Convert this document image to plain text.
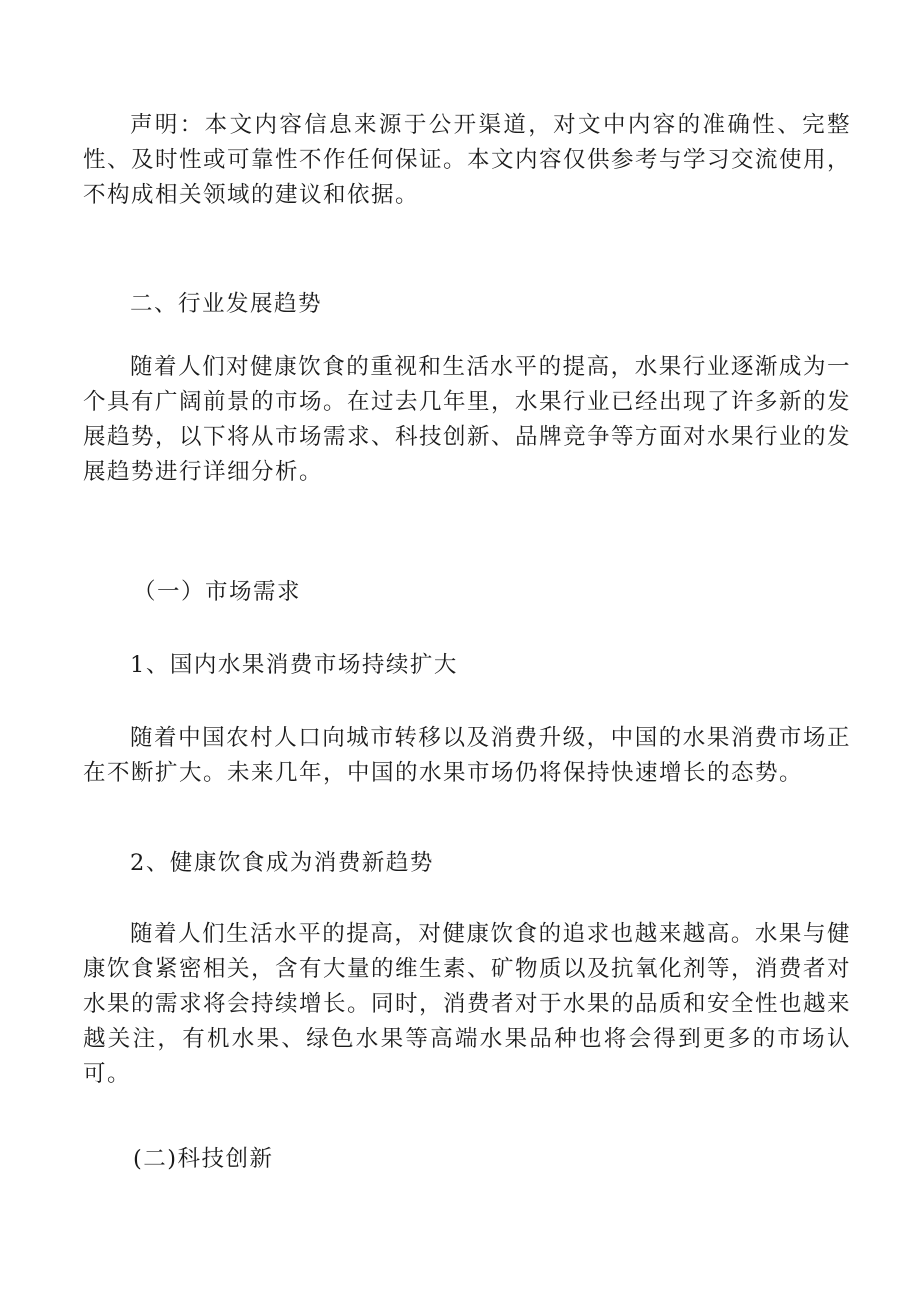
声明：本文内容信息来源于公开渠道，对文中内容的准确性、完整性、及时性或可靠性不作任何保证。本文内容仅供参考与学习交流使用，不构成相关领域的建议和依据。

二、行业发展趋势

随着人们对健康饮食的重视和生活水平的提高，水果行业逐渐成为一个具有广阔前景的市场。在过去几年里，水果行业已经出现了许多新的发展趋势，以下将从市场需求、科技创新、品牌竞争等方面对水果行业的发展趋势进行详细分析。

（一）市场需求

1、国内水果消费市场持续扩大

随着中国农村人口向城市转移以及消费升级，中国的水果消费市场正在不断扩大。未来几年，中国的水果市场仍将保持快速增长的态势。

2、健康饮食成为消费新趋势

随着人们生活水平的提高，对健康饮食的追求也越来越高。水果与健康饮食紧密相关，含有大量的维生素、矿物质以及抗氧化剂等，消费者对水果的需求将会持续增长。同时，消费者对于水果的品质和安全性也越来越关注，有机水果、绿色水果等高端水果品种也将会得到更多的市场认可。

(二)科技创新
